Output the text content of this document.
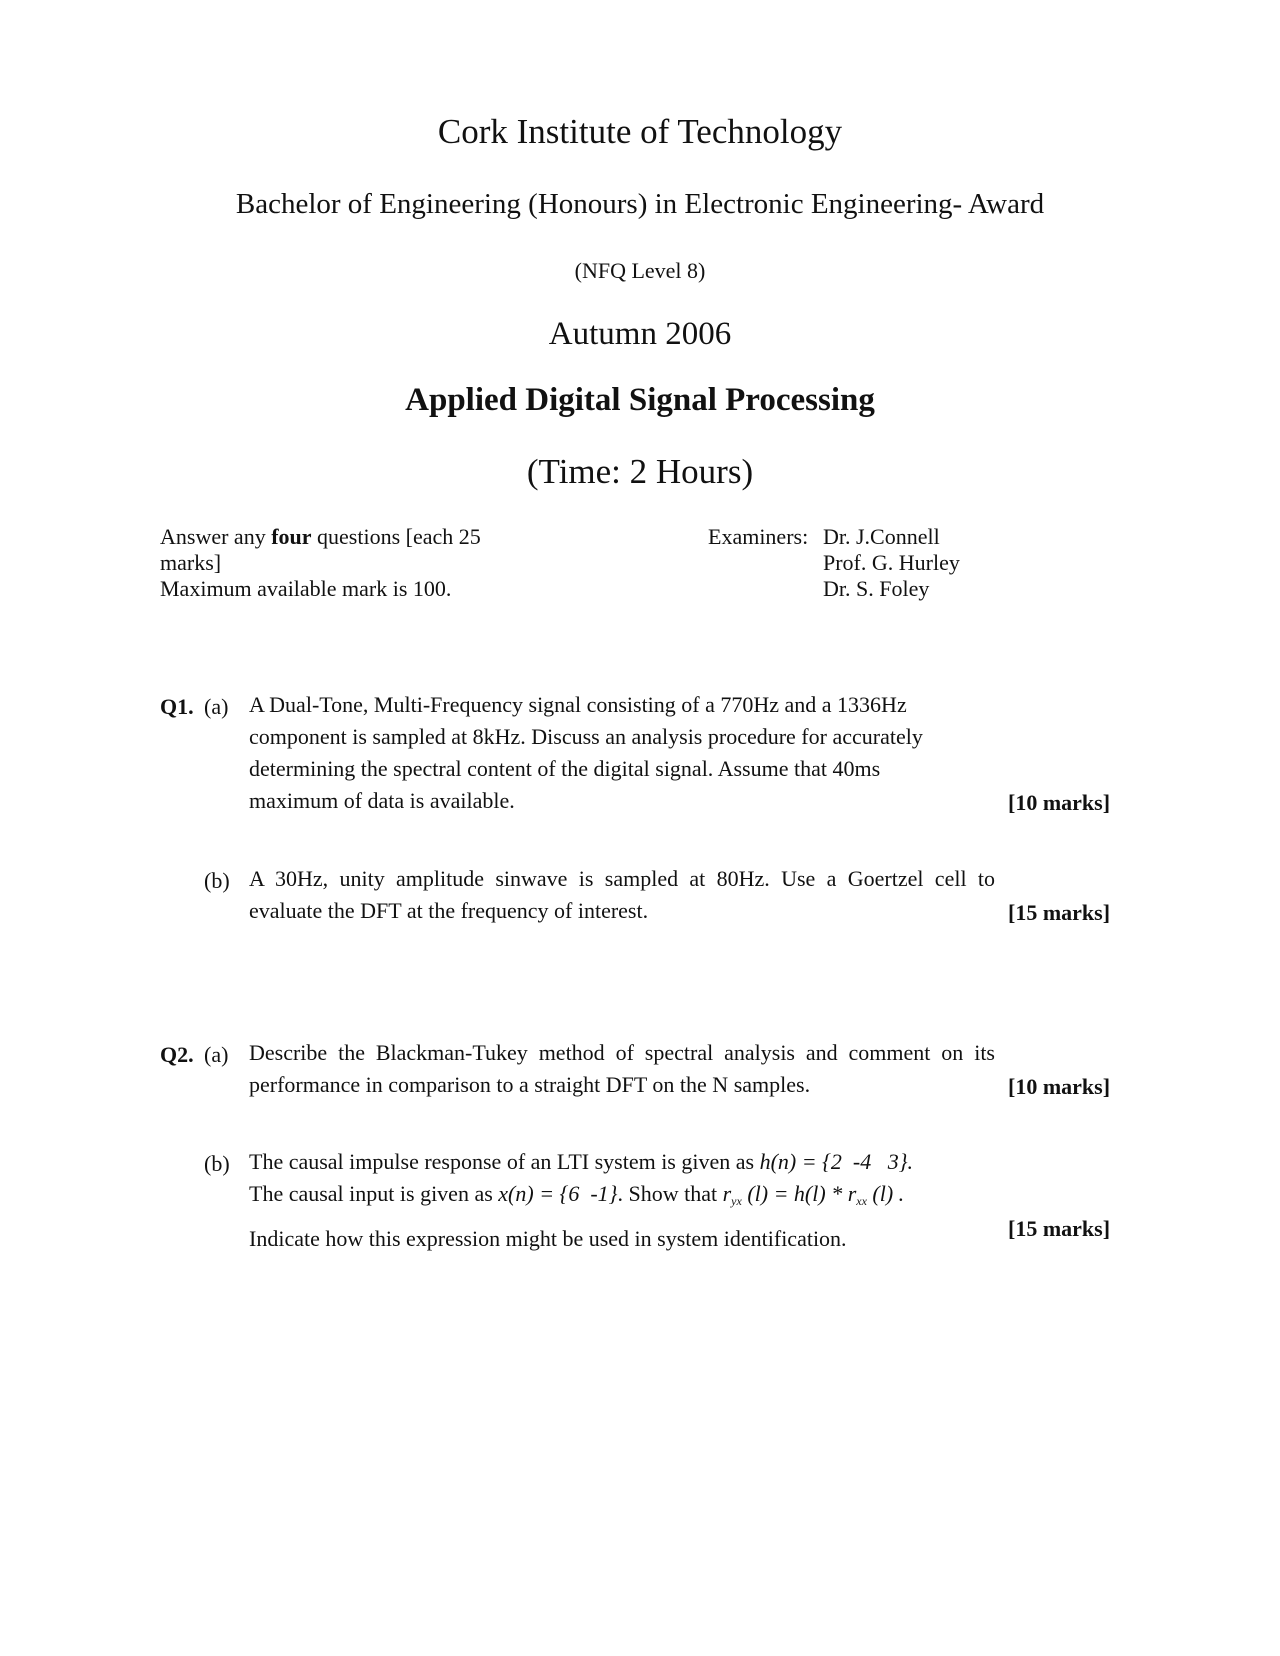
Cork Institute of Technology
Bachelor of Engineering (Honours) in Electronic Engineering- Award
(NFQ Level 8)
Autumn 2006
Applied Digital Signal Processing
(Time: 2 Hours)
Answer any four questions [each 25
marks]
Maximum available mark is 100.
Examiners: Dr. J.Connell
Prof. G. Hurley
Dr. S. Foley
Q1. (a) A Dual-Tone, Multi-Frequency signal consisting of a 770Hz and a 1336Hz
component is sampled at 8kHz. Discuss an analysis procedure for accurately
determining the spectral content of the digital signal. Assume that 40ms
maximum of data is available.	[10 marks]
(b) A 30Hz, unity amplitude sinwave is sampled at 80Hz. Use a Goertzel cell to
evaluate the DFT at the frequency of interest.	[15 marks]
Q2. (a) Describe the Blackman-Tukey method of spectral analysis and comment on its
performance in comparison to a straight DFT on the N samples.	[10 marks]
(b) The causal impulse response of an LTI system is given as h(n) = {2  -4   3}.
The causal input is given as x(n) = {6  -1}. Show that $r_{yx}$ $(l) = h(l) * r_{xx}$ (l) .
Indicate how this expression might be used in system identification.	[15 marks]
